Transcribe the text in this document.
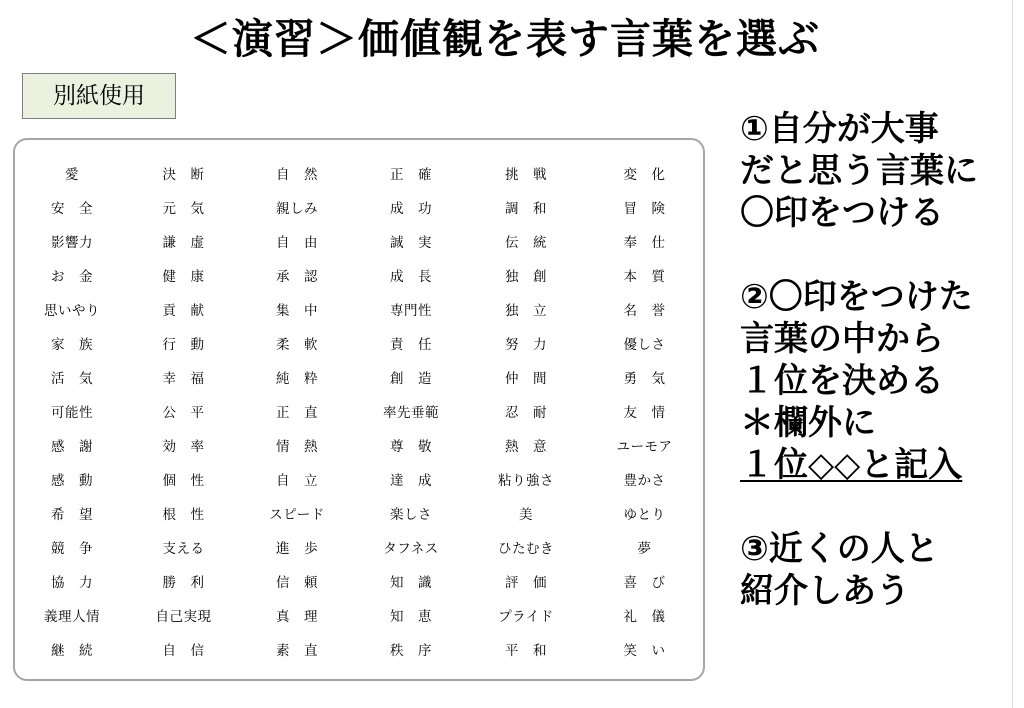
＜演習＞価値観を表す言葉を選ぶ
別紙使用
愛	決　断	自　然	正　確	挑　戦	変　化
安　全	元　気	親しみ	成　功	調　和	冒　険
影響力	謙　虚	自　由	誠　実	伝　統	奉　仕
お　金	健　康	承　認	成　長	独　創	本　質
思いやり	貢　献	集　中	専門性	独　立	名　誉
家　族	行　動	柔　軟	責　任	努　力	優しさ
活　気	幸　福	純　粋	創　造	仲　間	勇　気
可能性	公　平	正　直	率先垂範	忍　耐	友　情
感　謝	効　率	情　熱	尊　敬	熱　意	ユーモア
感　動	個　性	自　立	達　成	粘り強さ	豊かさ
希　望	根　性	スピード	楽しさ	美	ゆとり
競　争	支える	進　歩	タフネス	ひたむき	夢
協　力	勝　利	信　頼	知　識	評　価	喜　び
義理人情	自己実現	真　理	知　恵	プライド	礼　儀
継　続	自　信	素　直	秩　序	平　和	笑　い
①自分が大事
だと思う言葉に
〇印をつける
②〇印をつけた
言葉の中から
１位を決める
＊欄外に
１位◇◇と記入
③近くの人と
紹介しあう
